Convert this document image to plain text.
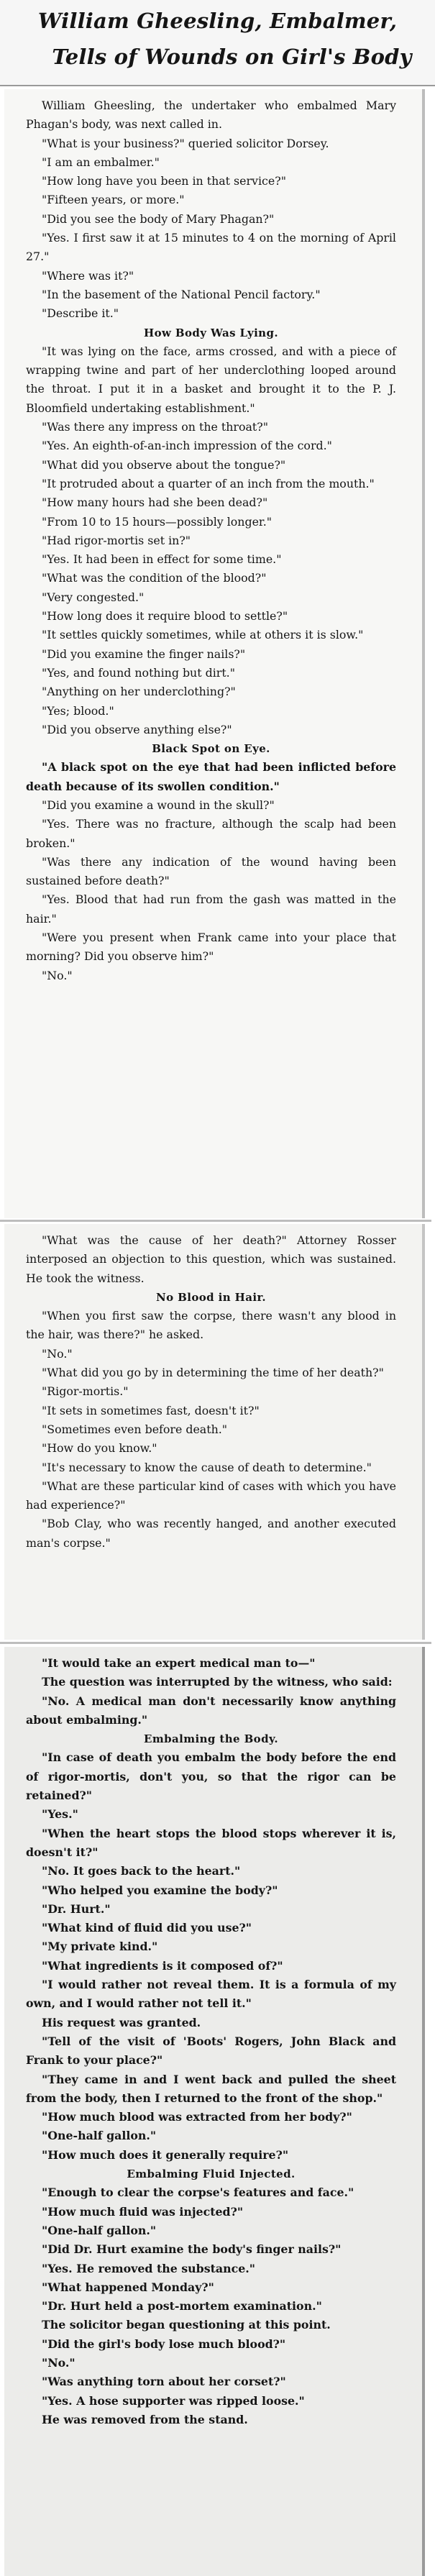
William Gheesling, Embalmer,
Tells of Wounds on Girl's Body

William Gheesling, the undertaker who embalmed Mary Phagan's body, was next called in.

"What is your business?" queried solicitor Dorsey.

"I am an embalmer."

"How long have you been in that service?"

"Fifteen years, or more."

"Did you see the body of Mary Phagan?"

"Yes. I first saw it at 15 minutes to 4 on the morning of April 27."

"Where was it?"

"In the basement of the National Pencil factory."

"Describe it."

How Body Was Lying.

"It was lying on the face, arms crossed, and with a piece of wrapping twine and part of her underclothing looped around the throat. I put it in a basket and brought it to the P. J. Bloomfield undertaking establishment."

"Was there any impress on the throat?"

"Yes. An eighth-of-an-inch impression of the cord."

"What did you observe about the tongue?"

"It protruded about a quarter of an inch from the mouth."

"How many hours had she been dead?"

"From 10 to 15 hours—possibly longer."

"Had rigor-mortis set in?"

"Yes. It had been in effect for some time."

"What was the condition of the blood?"

"Very congested."

"How long does it require blood to settle?"

"It settles quickly sometimes, while at others it is slow."

"Did you examine the finger nails?"

"Yes, and found nothing but dirt."

"Anything on her underclothing?"

"Yes; blood."

"Did you observe anything else?"

Black Spot on Eye.

"A black spot on the eye that had been inflicted before death because of its swollen condition."

"Did you examine a wound in the skull?"

"Yes. There was no fracture, although the scalp had been broken."

"Was there any indication of the wound having been sustained before death?"

"Yes. Blood that had run from the gash was matted in the hair."

"Were you present when Frank came into your place that morning? Did you observe him?"

"No."

"What was the cause of her death?" Attorney Rosser interposed an objection to this question, which was sustained. He took the witness.

No Blood in Hair.

"When you first saw the corpse, there wasn't any blood in the hair, was there?" he asked.

"No."

"What did you go by in determining the time of her death?"

"Rigor-mortis."

"It sets in sometimes fast, doesn't it?"

"Sometimes even before death."

"How do you know."

"It's necessary to know the cause of death to determine."

"What are these particular kind of cases with which you have had experience?"

"Bob Clay, who was recently hanged, and another executed man's corpse."

"It would take an expert medical man to—"

The question was interrupted by the witness, who said:

"No. A medical man don't necessarily know anything about embalming."

Embalming the Body.

"In case of death you embalm the body before the end of rigor-mortis, don't you, so that the rigor can be retained?"

"Yes."

"When the heart stops the blood stops wherever it is, doesn't it?"

"No. It goes back to the heart."

"Who helped you examine the body?"

"Dr. Hurt."

"What kind of fluid did you use?"

"My private kind."

"What ingredients is it composed of?"

"I would rather not reveal them. It is a formula of my own, and I would rather not tell it."

His request was granted.

"Tell of the visit of 'Boots' Rogers, John Black and Frank to your place?"

"They came in and I went back and pulled the sheet from the body, then I returned to the front of the shop."

"How much blood was extracted from her body?"

"One-half gallon."

"How much does it generally require?"

Embalming Fluid Injected.

"Enough to clear the corpse's features and face."

"How much fluid was injected?"

"One-half gallon."

"Did Dr. Hurt examine the body's finger nails?"

"Yes. He removed the substance."

"What happened Monday?"

"Dr. Hurt held a post-mortem examination."

The solicitor began questioning at this point.

"Did the girl's body lose much blood?"

"No."

"Was anything torn about her corset?"

"Yes. A hose supporter was ripped loose."

He was removed from the stand.
